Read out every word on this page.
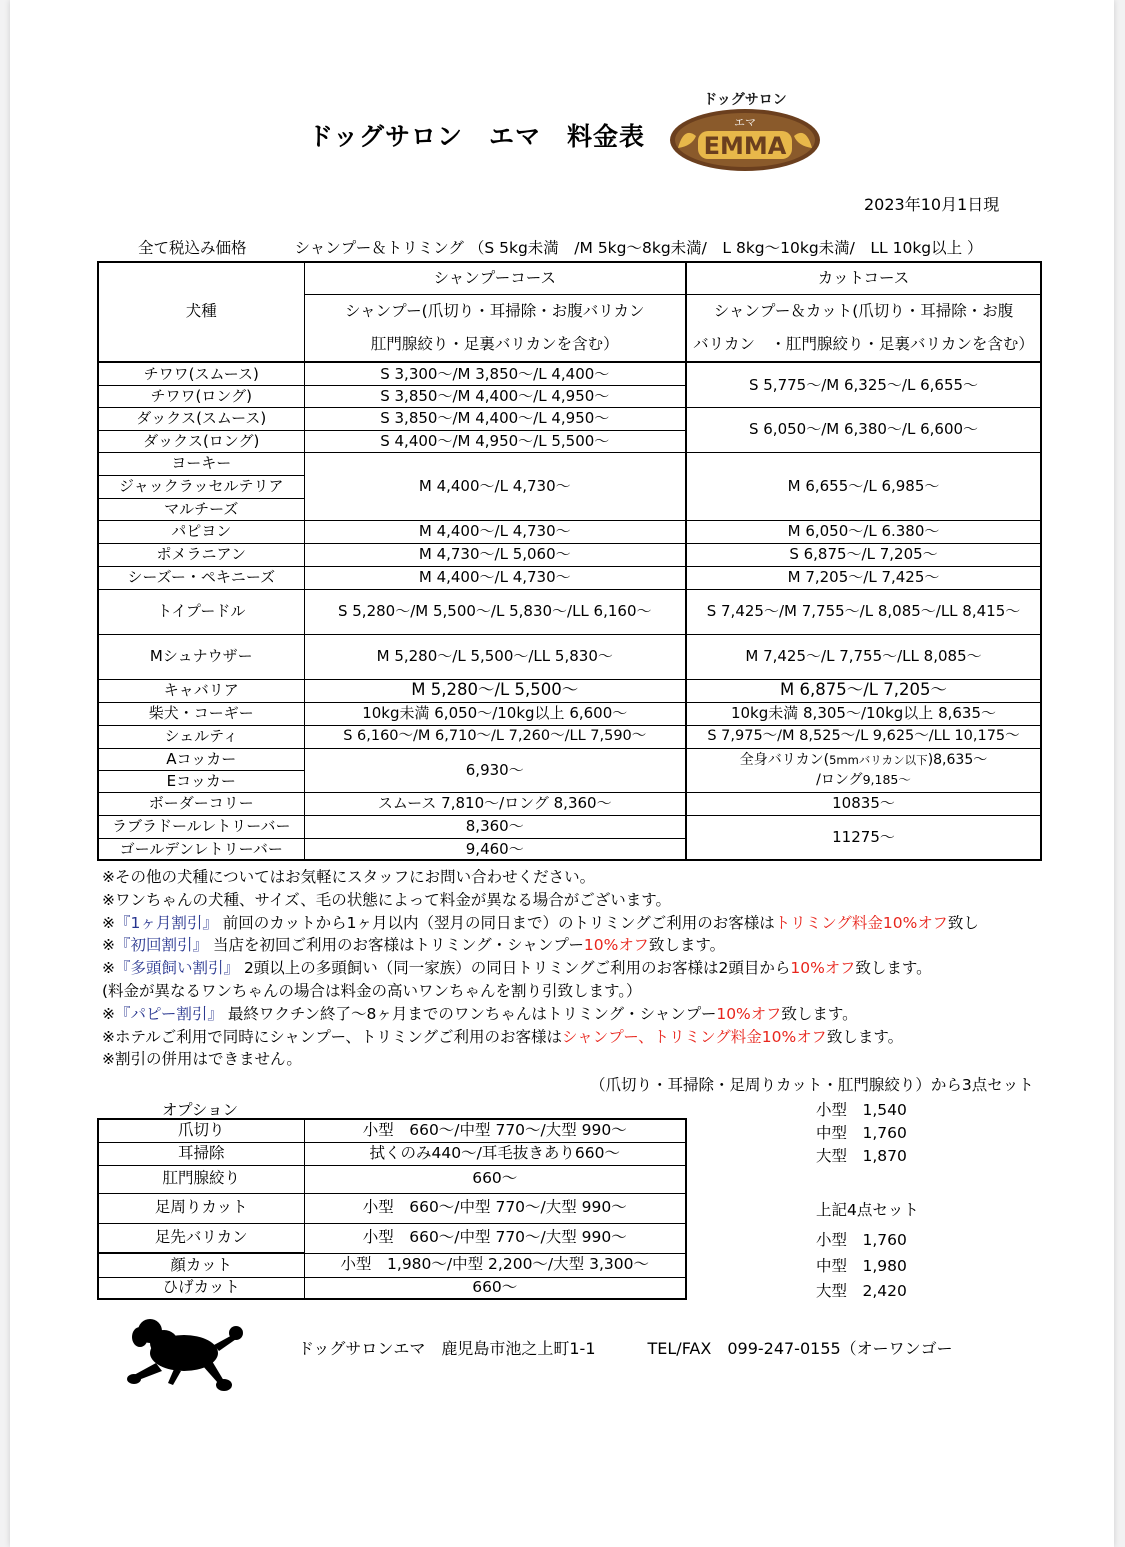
ドッグサロン　エマ　料金表
ドッグサロン
エマ
EMMA
2023年10月1日現
全て税込み価格	シャンプー＆トリミング （S 5kg未満　/M 5kg～8kg未満/　L 8kg～10kg未満/　LL 10kg以上 ）
犬種	シャンプーコース	カットコース
	シャンプー(爪切り・耳掃除・お腹バリカン	シャンプー＆カット(爪切り・耳掃除・お腹
	肛門腺絞り・足裏バリカンを含む）	バリカン　・肛門腺絞り・足裏バリカンを含む）
チワワ(スムース)	S 3,300～/M 3,850～/L 4,400～	S 5,775～/M 6,325～/L 6,655～
チワワ(ロング)	S 3,850～/M 4,400～/L 4,950～	
ダックス(スムース)	S 3,850～/M 4,400～/L 4,950～	S 6,050～/M 6,380～/L 6,600～
ダックス(ロング)	S 4,400～/M 4,950～/L 5,500～	
ヨーキー	M 4,400～/L 4,730～	M 6,655～/L 6,985～
ジャックラッセルテリア		
マルチーズ		
パピヨン	M 4,400～/L 4,730～	M 6,050～/L 6.380～
ポメラニアン	M 4,730～/L 5,060～	S 6,875～/L 7,205～
シーズー・ペキニーズ	M 4,400～/L 4,730～	M 7,205～/L 7,425～
トイプードル	S 5,280～/M 5,500～/L 5,830～/LL 6,160～	S 7,425～/M 7,755～/L 8,085～/LL 8,415～
Mシュナウザー	M 5,280～/L 5,500～/LL 5,830～	M 7,425～/L 7,755～/LL 8,085～
キャバリア	M 5,280～/L 5,500～	M 6,875～/L 7,205～
柴犬・コーギー	10kg未満 6,050～/10kg以上 6,600～	10kg未満 8,305～/10kg以上 8,635～
シェルティ	S 6,160～/M 6,710～/L 7,260～/LL 7,590～	S 7,975～/M 8,525～/L 9,625～/LL 10,175～
Aコッカー	6,930～	全身バリカン(5mmバリカン以下)8,635～
/ロング9,185～

Eコッカー		
ボーダーコリー	スムース 7,810～/ロング 8,360～	10835～
ラブラドールレトリーバー	8,360～	11275～
ゴールデンレトリーバー	9,460～	
※その他の犬種についてはお気軽にスタッフにお問い合わせください。
※ワンちゃんの犬種、サイズ、毛の状態によって料金が異なる場合がございます。
※『1ヶ月割引』 前回のカットから1ヶ月以内（翌月の同日まで）のトリミングご利用のお客様はトリミング料金10%オフ致し
※『初回割引』 当店を初回ご利用のお客様はトリミング・シャンプー10%オフ致します。
※『多頭飼い割引』 2頭以上の多頭飼い（同一家族）の同日トリミングご利用のお客様は2頭目から10%オフ致します。
(料金が異なるワンちゃんの場合は料金の高いワンちゃんを割り引致します。）
※『パピー割引』 最終ワクチン終了～8ヶ月までのワンちゃんはトリミング・シャンプー10%オフ致します。
※ホテルご利用で同時にシャンプー、トリミングご利用のお客様はシャンプー、トリミング料金10%オフ致します。
※割引の併用はできません。
（爪切り・耳掃除・足周りカット・肛門腺絞り）から3点セット
小型　1,540
中型　1,760
大型　1,870
上記4点セット
小型　1,760
中型　1,980
大型　2,420
オプション
爪切り	小型　660～/中型 770～/大型 990～
耳掃除	拭くのみ440～/耳毛抜きあり660～
肛門腺絞り	660～
足周りカット	小型　660～/中型 770～/大型 990～
足先バリカン	小型　660～/中型 770～/大型 990～
顔カット	小型　1,980～/中型 2,200～/大型 3,300～
ひげカット	660～
ドッグサロンエマ　鹿児島市池之上町1-1	TEL/FAX　099-247-0155（オーワンゴー
